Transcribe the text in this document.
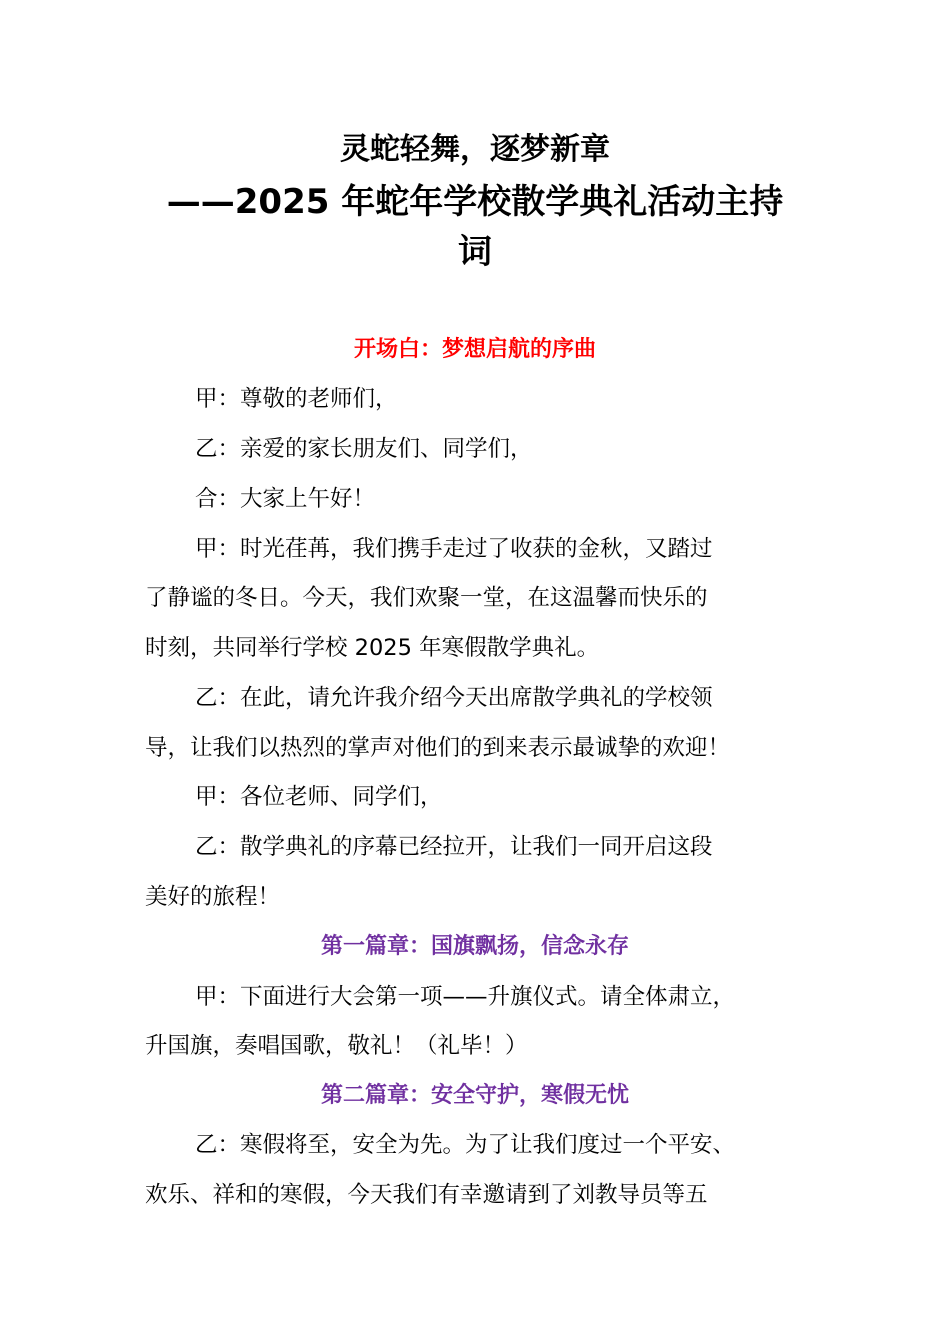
灵蛇轻舞，逐梦新章
——2025 年蛇年学校散学典礼活动主持
词
开场白：梦想启航的序曲
甲：尊敬的老师们，
乙：亲爱的家长朋友们、同学们，
合：大家上午好！
甲：时光荏苒，我们携手走过了收获的金秋，又踏过
了静谧的冬日。今天，我们欢聚一堂，在这温馨而快乐的
时刻，共同举行学校 2025 年寒假散学典礼。
乙：在此，请允许我介绍今天出席散学典礼的学校领
导，让我们以热烈的掌声对他们的到来表示最诚挚的欢迎！
甲：各位老师、同学们，
乙：散学典礼的序幕已经拉开，让我们一同开启这段
美好的旅程！
第一篇章：国旗飘扬，信念永存
甲：下面进行大会第一项——升旗仪式。请全体肃立，
升国旗，奏唱国歌，敬礼！（礼毕！）
第二篇章：安全守护，寒假无忧
乙：寒假将至，安全为先。为了让我们度过一个平安、
欢乐、祥和的寒假，今天我们有幸邀请到了刘教导员等五
